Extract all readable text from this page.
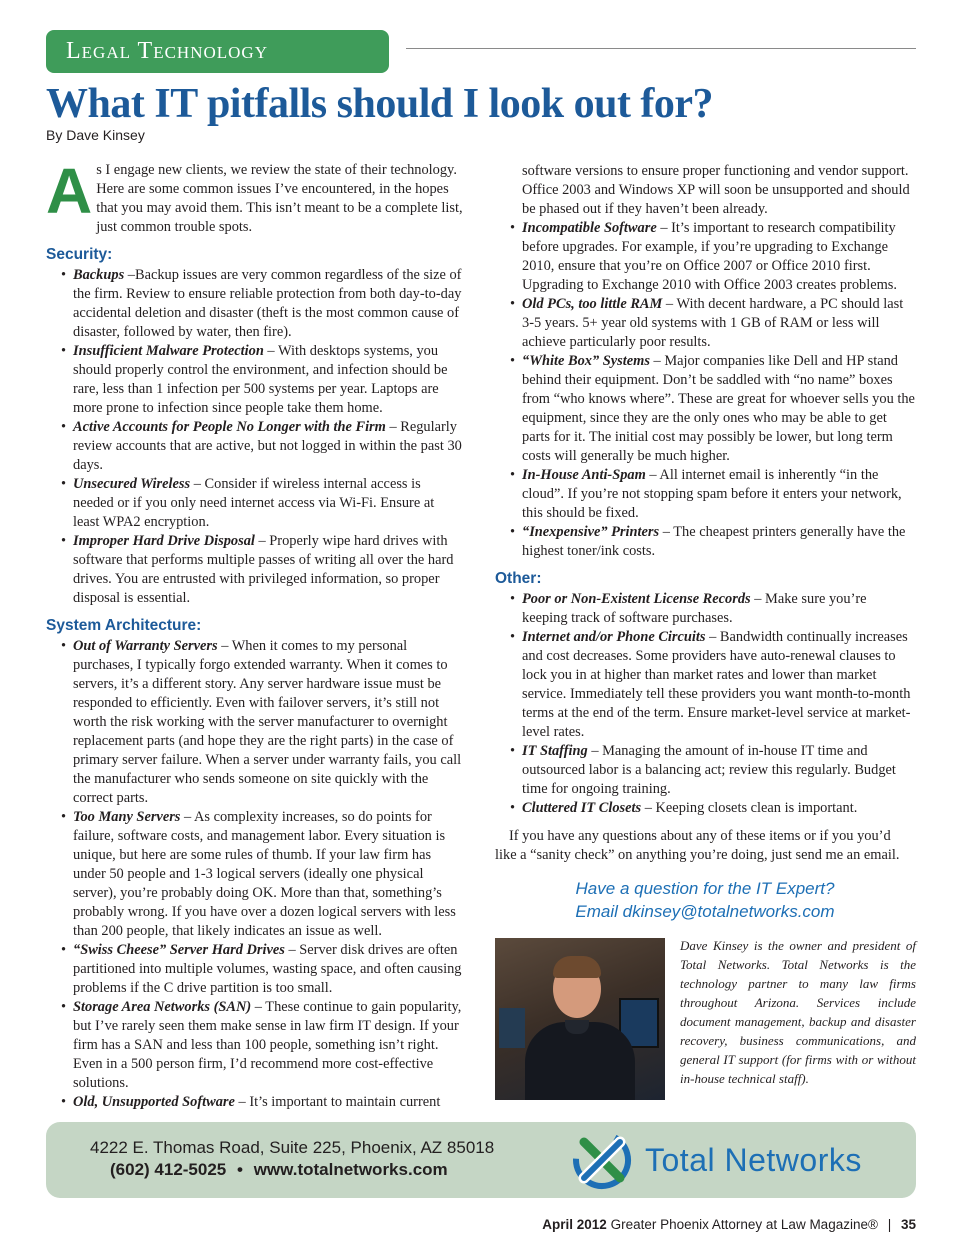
Legal Technology
What IT pitfalls should I look out for?
By Dave Kinsey

As I engage new clients, we review the state of their technology. Here are some common issues I’ve encountered, in the hopes that you may avoid them. This isn’t meant to be a complete list, just common trouble spots.

Security:
• Backups –Backup issues are very common regardless of the size of the firm. Review to ensure reliable protection from both day-to-day accidental deletion and disaster (theft is the most common cause of disaster, followed by water, then fire).
• Insufficient Malware Protection – With desktops systems, you should properly control the environment, and infection should be rare, less than 1 infection per 500 systems per year. Laptops are more prone to infection since people take them home.
• Active Accounts for People No Longer with the Firm – Regularly review accounts that are active, but not logged in within the past 30 days.
• Unsecured Wireless – Consider if wireless internal access is needed or if you only need internet access via Wi-Fi. Ensure at least WPA2 encryption.
• Improper Hard Drive Disposal – Properly wipe hard drives with software that performs multiple passes of writing all over the hard drives. You are entrusted with privileged information, so proper disposal is essential.
System Architecture:
• Out of Warranty Servers – When it comes to my personal purchases, I typically forgo extended warranty. When it comes to servers, it’s a different story. Any server hardware issue must be responded to efficiently. Even with failover servers, it’s still not worth the risk working with the server manufacturer to overnight replacement parts (and hope they are the right parts) in the case of primary server failure. When a server under warranty fails, you call the manufacturer who sends someone on site quickly with the correct parts.
• Too Many Servers – As complexity increases, so do points for failure, software costs, and management labor. Every situation is unique, but here are some rules of thumb. If your law firm has under 50 people and 1-3 logical servers (ideally one physical server), you’re probably doing OK. More than that, something’s probably wrong. If you have over a dozen logical servers with less than 200 people, that likely indicates an issue as well.
• “Swiss Cheese” Server Hard Drives – Server disk drives are often partitioned into multiple volumes, wasting space, and often causing problems if the C drive partition is too small.
• Storage Area Networks (SAN) – These continue to gain popularity, but I’ve rarely seen them make sense in law firm IT design. If your firm has a SAN and less than 100 people, something isn’t right. Even in a 500 person firm, I’d recommend more cost-effective solutions.
• Old, Unsupported Software – It’s important to maintain current

software versions to ensure proper functioning and vendor support. Office 2003 and Windows XP will soon be unsupported and should be phased out if they haven’t been already.

• Incompatible Software – It’s important to research compatibility before upgrades. For example, if you’re upgrading to Exchange 2010, ensure that you’re on Office 2007 or Office 2010 first. Upgrading to Exchange 2010 with Office 2003 creates problems.
• Old PCs, too little RAM – With decent hardware, a PC should last 3-5 years. 5+ year old systems with 1 GB of RAM or less will achieve particularly poor results.
• “White Box” Systems – Major companies like Dell and HP stand behind their equipment. Don’t be saddled with “no name” boxes from “who knows where”. These are great for whoever sells you the equipment, since they are the only ones who may be able to get parts for it. The initial cost may possibly be lower, but long term costs will generally be much higher.
• In-House Anti-Spam – All internet email is inherently “in the cloud”. If you’re not stopping spam before it enters your network, this should be fixed.
• “Inexpensive” Printers – The cheapest printers generally have the highest toner/ink costs.
Other:
• Poor or Non-Existent License Records – Make sure you’re keeping track of software purchases.
• Internet and/or Phone Circuits – Bandwidth continually increases and cost decreases. Some providers have auto-renewal clauses to lock you in at higher than market rates and lower than market service. Immediately tell these providers you want month-to-month terms at the end of the term. Ensure market-level service at market-level rates.
• IT Staffing – Managing the amount of in-house IT time and outsourced labor is a balancing act; review this regularly. Budget time for ongoing training.
• Cluttered IT Closets – Keeping closets clean is important.

If you have any questions about any of these items or if you you’d like a “sanity check” on anything you’re doing, just send me an email.

Have a question for the IT Expert?
Email dkinsey@totalnetworks.com

Dave Kinsey is the owner and president of Total Networks. Total Networks is the technology partner to many law firms throughout Arizona. Services include document management, backup and disaster recovery, business communications, and general IT support (for firms with or without in-house technical staff).

4222 E. Thomas Road, Suite 225, Phoenix, AZ 85018
(602) 412-5025 • www.totalnetworks.com	Total Networks
April 2012 Greater Phoenix Attorney at Law Magazine® | 35
